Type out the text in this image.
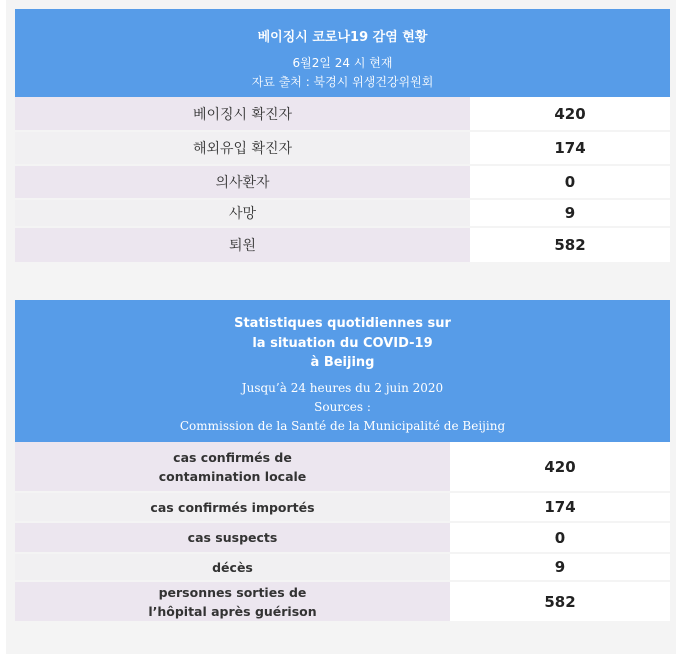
베이징시 코로나19 감염 현황
6월2일 24 시 현재
자료 출처 : 북경시 위생건강위원회
베이징시 확진자	420
해외유입 확진자	174
의사환자	0
사망	9
퇴원	582
Statistiques quotidiennes sur
la situation du COVID-19
à Beijing
Jusqu’à 24 heures du 2 juin 2020
Sources :
Commission de la Santé de la Municipalité de Beijing
cas confirmés de
contamination locale	420
cas confirmés importés	174
cas suspects	0
décès	9

personnes sorties de
l’hôpital après guérison	582
